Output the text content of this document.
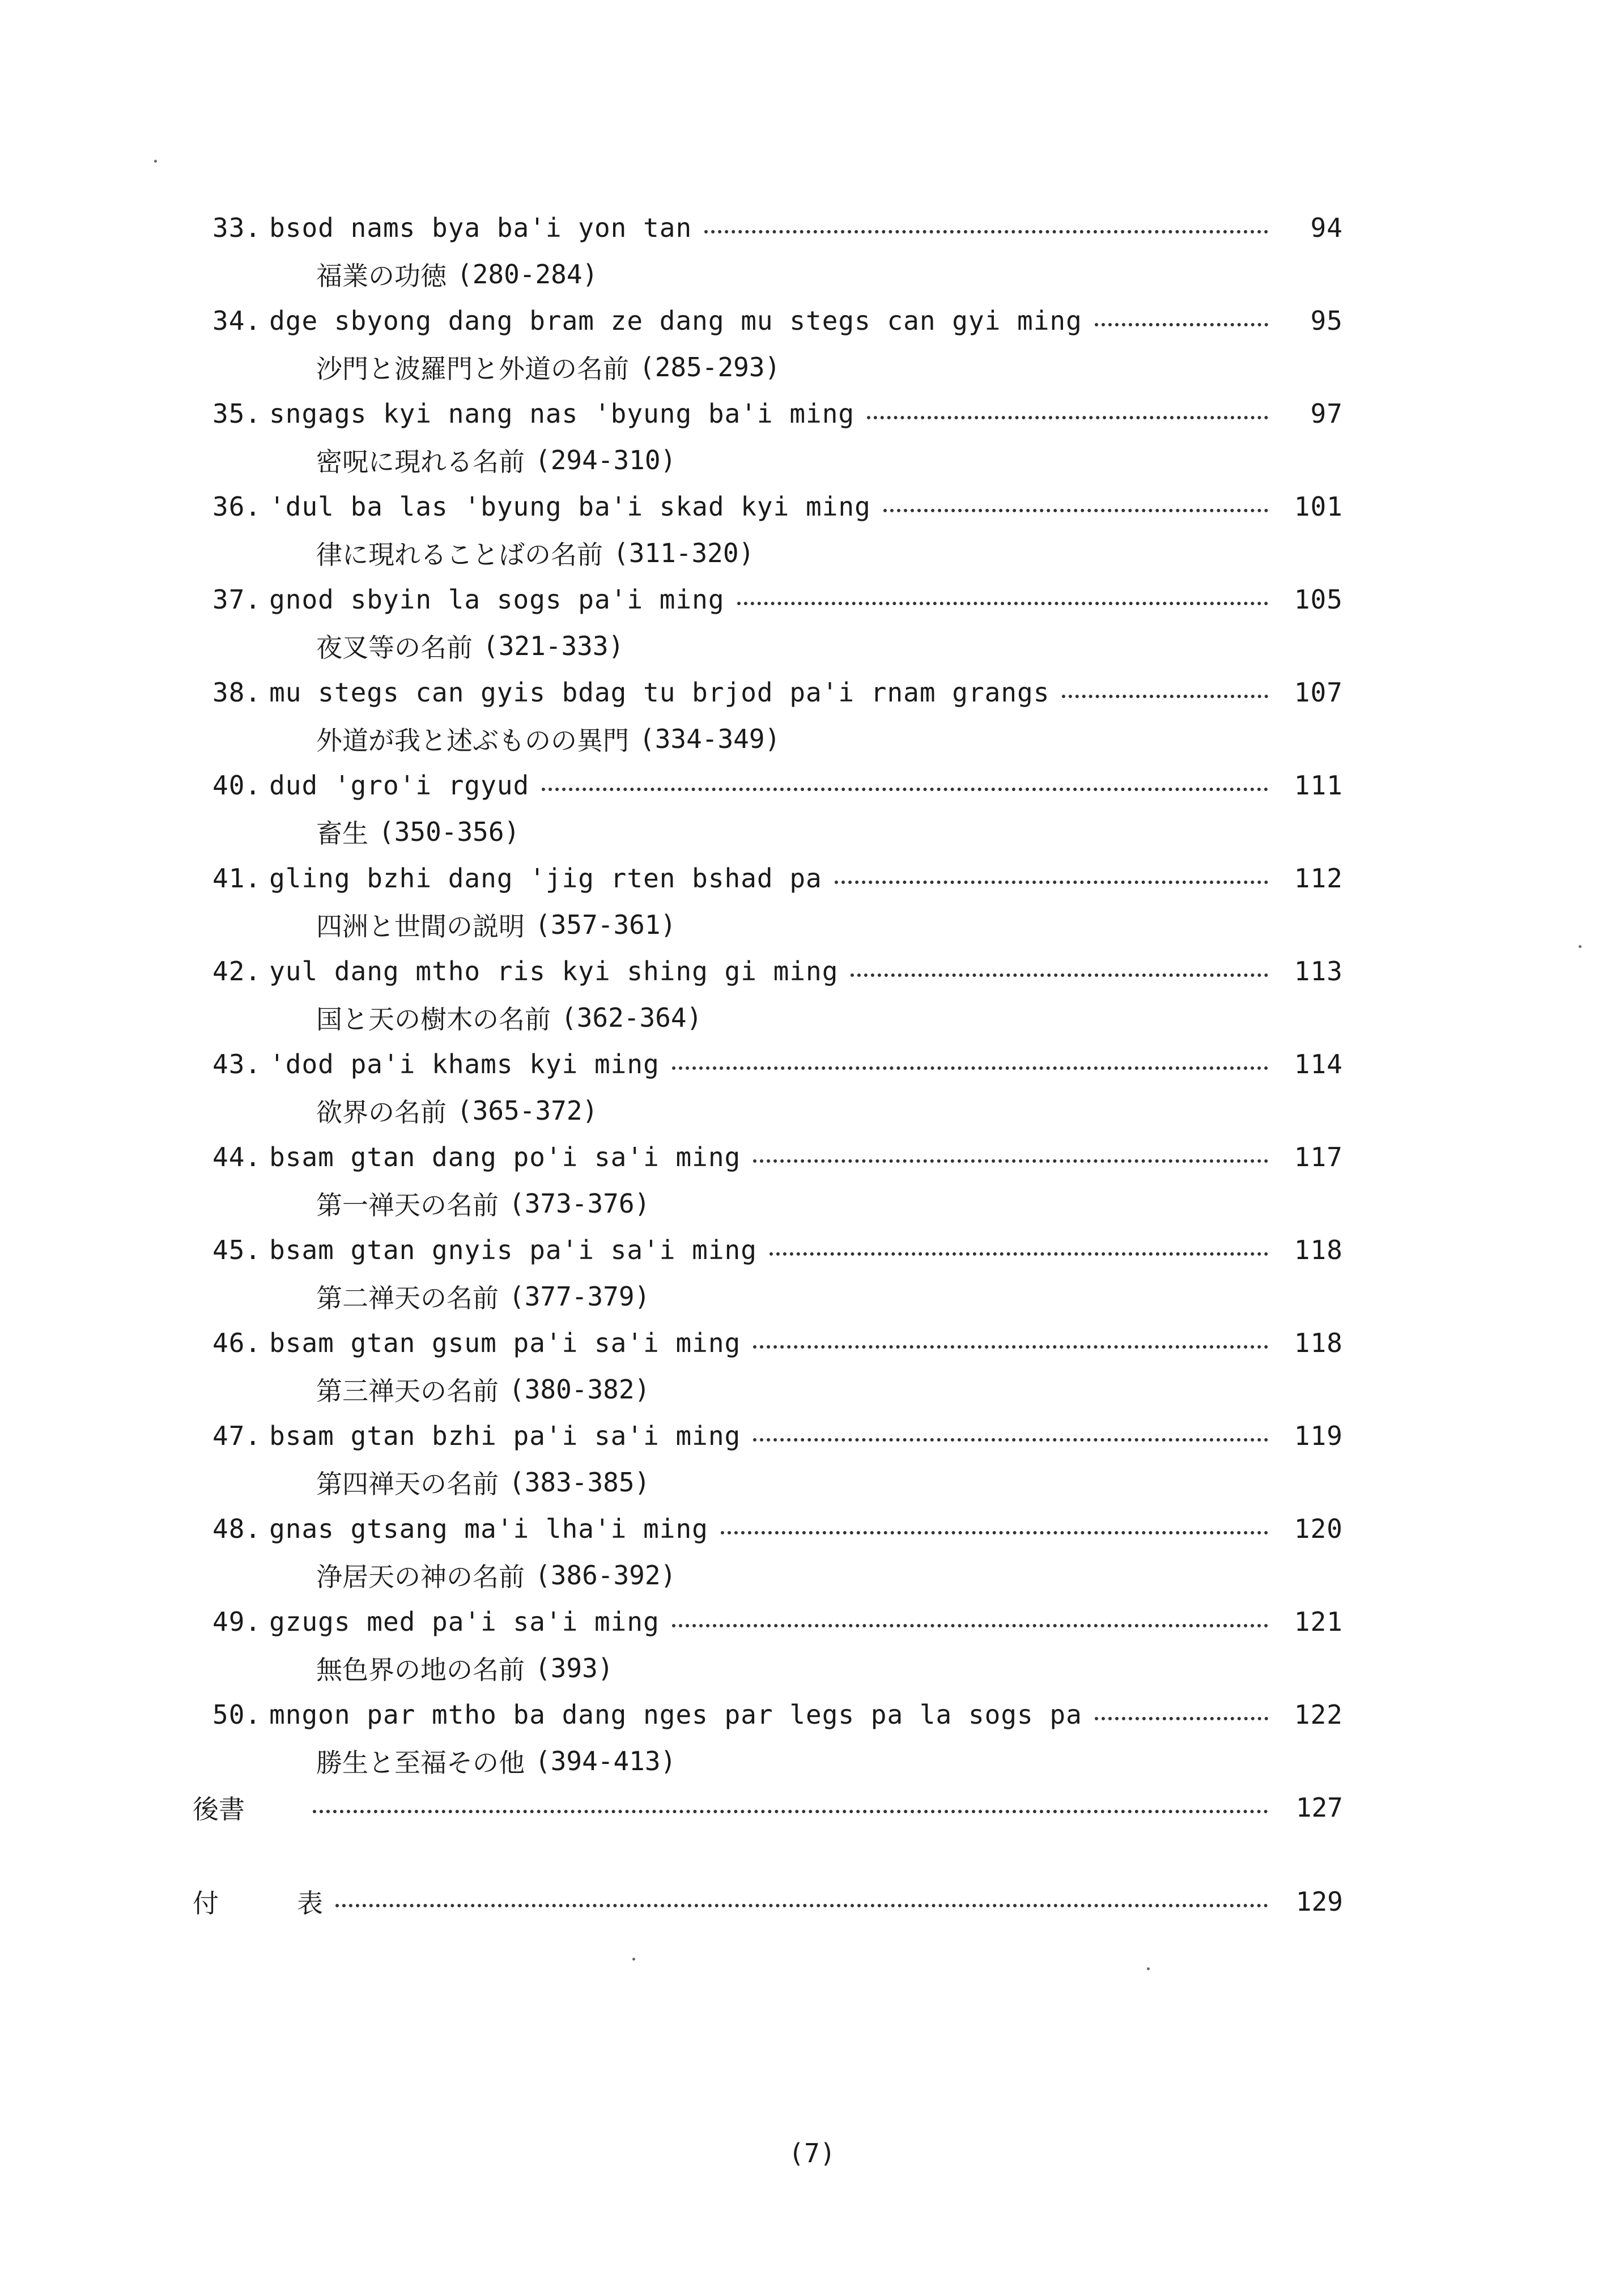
33. bsod nams bya ba'i yon tan	94
福業の功徳 (280-284)
34. dge sbyong dang bram ze dang mu stegs can gyi ming	95
沙門と波羅門と外道の名前 (285-293)
35. sngags kyi nang nas 'byung ba'i ming	97
密呪に現れる名前 (294-310)
36. 'dul ba las 'byung ba'i skad kyi ming	101
律に現れることばの名前 (311-320)
37. gnod sbyin la sogs pa'i ming	105
夜叉等の名前 (321-333)
38. mu stegs can gyis bdag tu brjod pa'i rnam grangs	107
外道が我と述ぶものの異門 (334-349)
40. dud 'gro'i rgyud	111
畜生 (350-356)
41. gling bzhi dang 'jig rten bshad pa	112
四洲と世間の説明 (357-361)
42. yul dang mtho ris kyi shing gi ming	113
国と天の樹木の名前 (362-364)
43. 'dod pa'i khams kyi ming	114
欲界の名前 (365-372)
44. bsam gtan dang po'i sa'i ming	117
第一禅天の名前 (373-376)
45. bsam gtan gnyis pa'i sa'i ming	118
第二禅天の名前 (377-379)
46. bsam gtan gsum pa'i sa'i ming	118
第三禅天の名前 (380-382)
47. bsam gtan bzhi pa'i sa'i ming	119
第四禅天の名前 (383-385)
48. gnas gtsang ma'i lha'i ming	120
浄居天の神の名前 (386-392)
49. gzugs med pa'i sa'i ming	121
無色界の地の名前 (393)
50. mngon par mtho ba dang nges par legs pa la sogs pa	122
勝生と至福その他 (394-413)
後書	127
付　　　表	129
(7)
